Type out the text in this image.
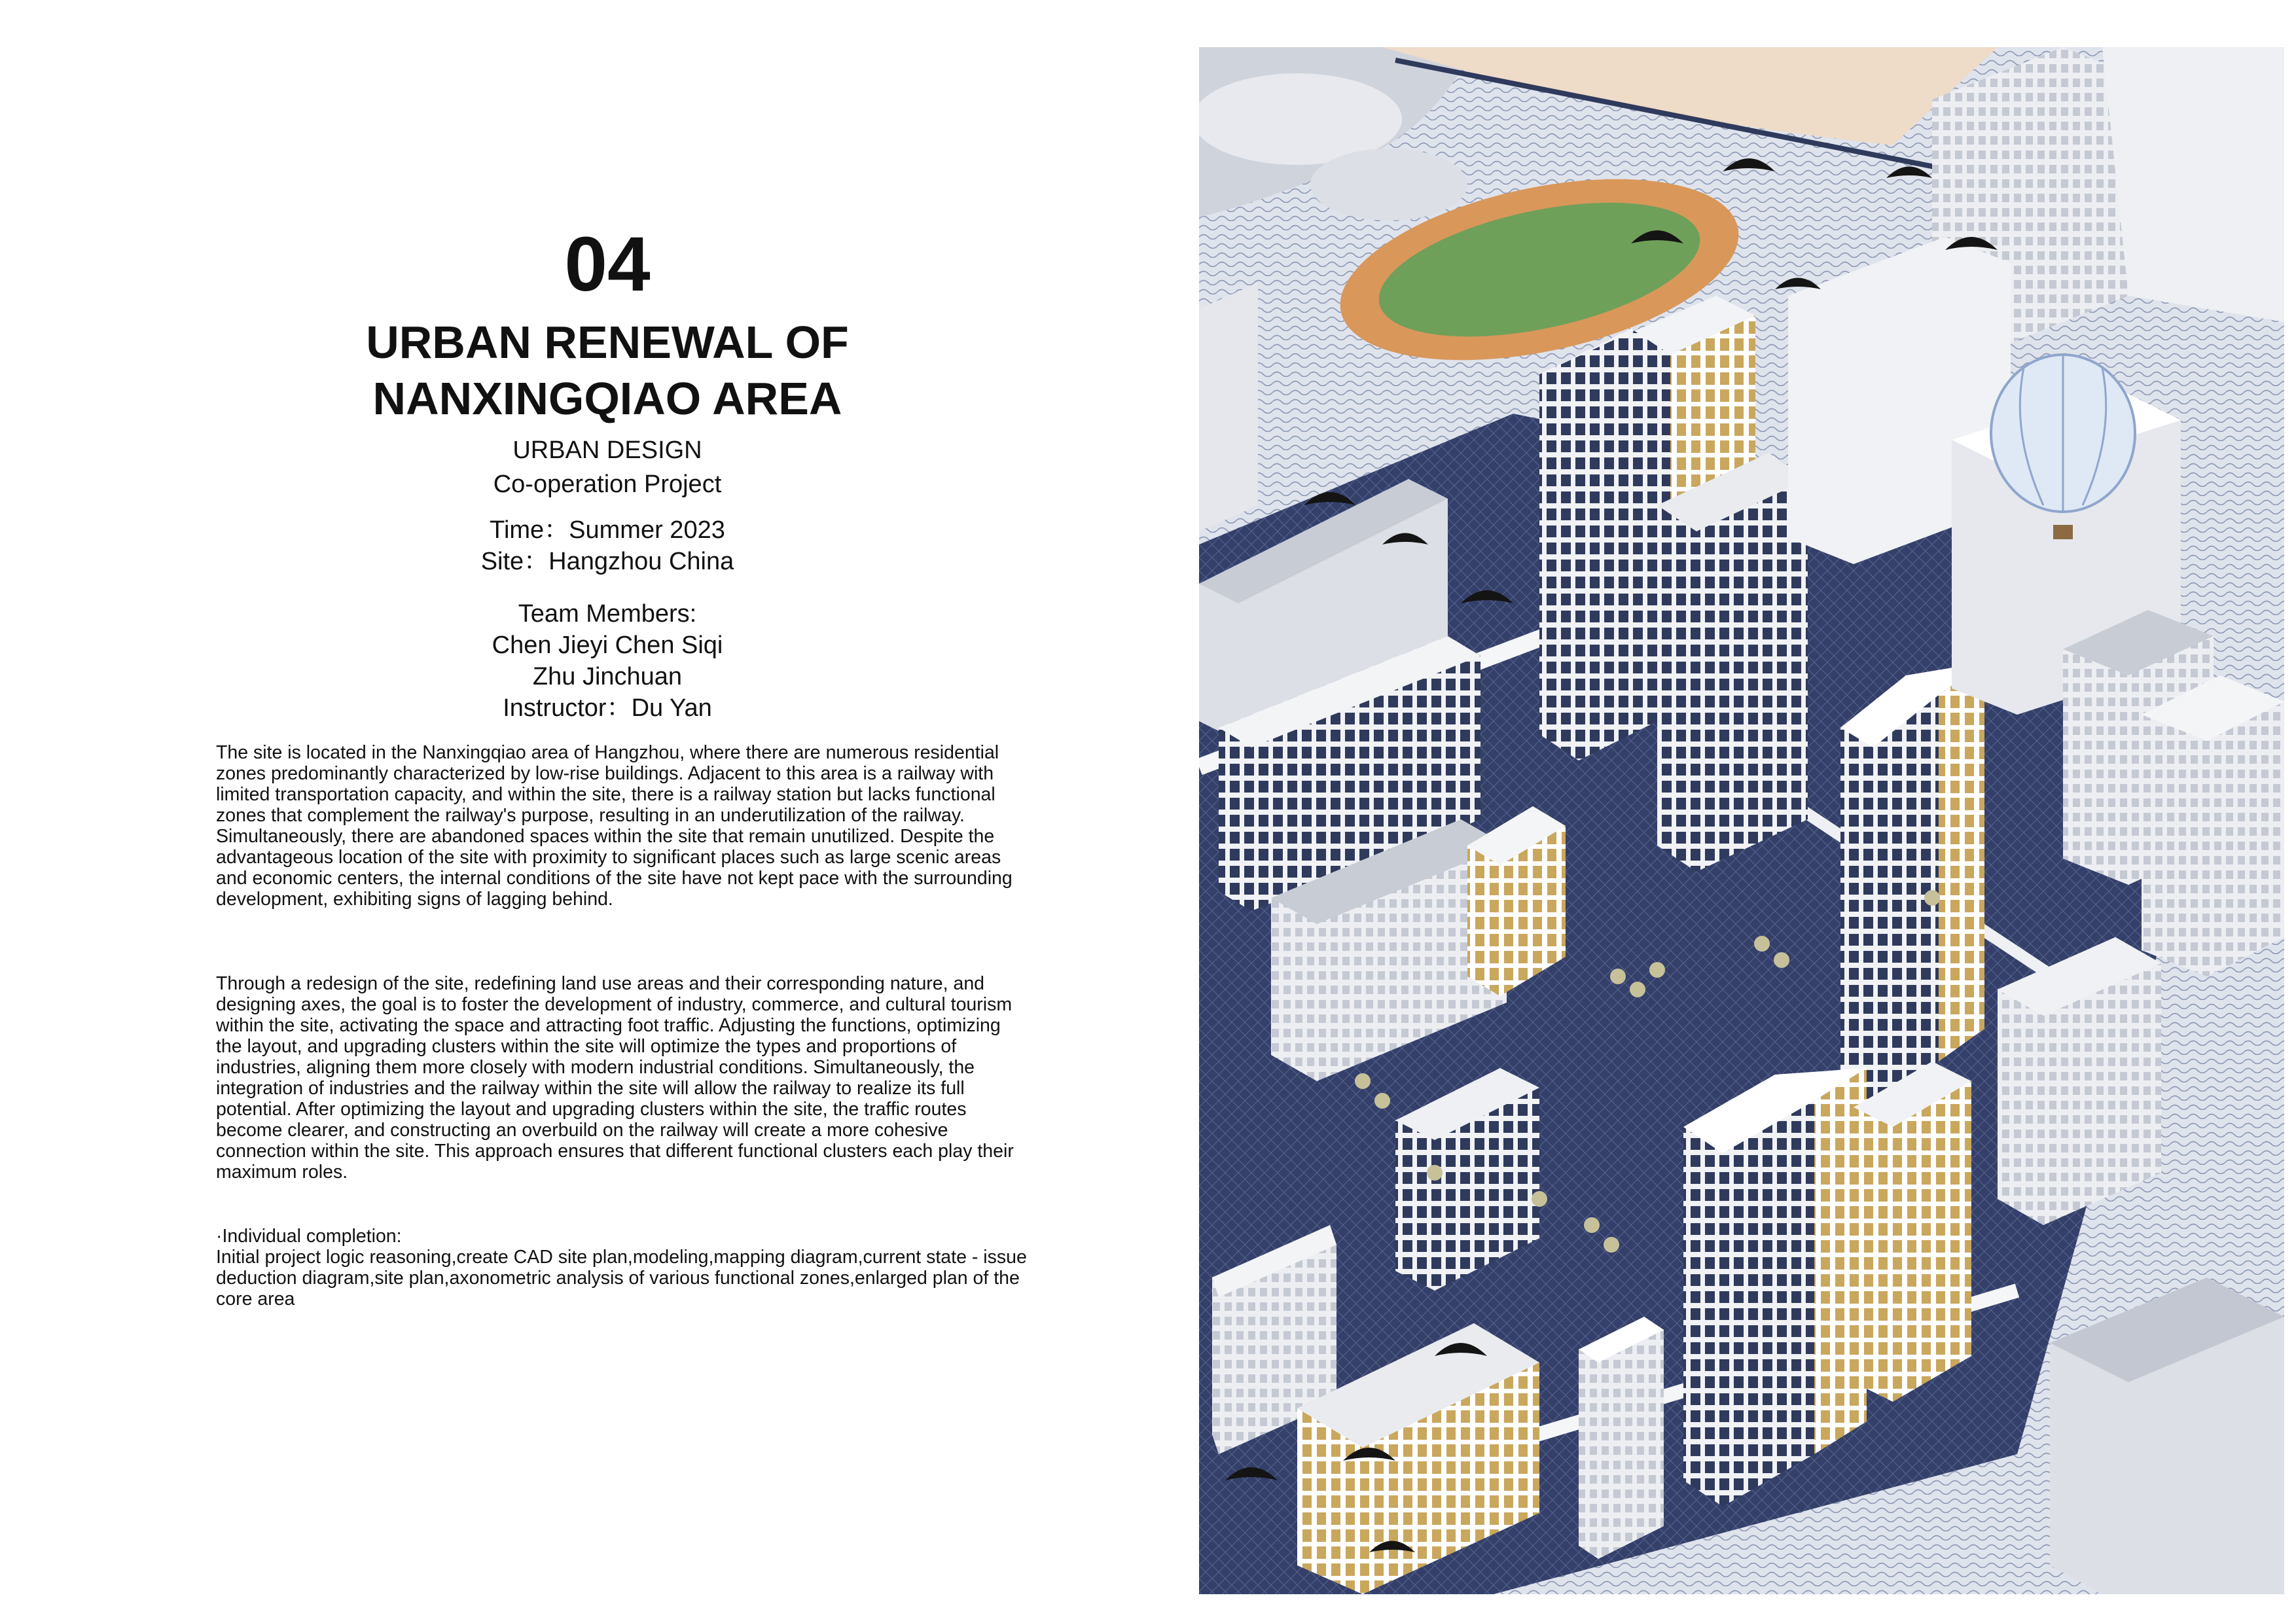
04
URBAN RENEWAL OF
NANXINGQIAO AREA
URBAN DESIGN
Co-operation Project
Time：Summer 2023
Site：Hangzhou China
Team Members:
Chen Jieyi Chen Siqi
Zhu Jinchuan
Instructor：Du Yan

The site is located in the Nanxingqiao area of Hangzhou, where there are numerous residential zones predominantly characterized by low-rise buildings. Adjacent to this area is a railway with limited transportation capacity, and within the site, there is a railway station but lacks functional zones that complement the railway's purpose, resulting in an underutilization of the railway. Simultaneously, there are abandoned spaces within the site that remain unutilized. Despite the advantageous location of the site with proximity to significant places such as large scenic areas and economic centers, the internal conditions of the site have not kept pace with the surrounding development, exhibiting signs of lagging behind.

Through a redesign of the site, redefining land use areas and their corresponding nature, and designing axes, the goal is to foster the development of industry, commerce, and cultural tourism within the site, activating the space and attracting foot traffic. Adjusting the functions, optimizing the layout, and upgrading clusters within the site will optimize the types and proportions of industries, aligning them more closely with modern industrial conditions. Simultaneously, the integration of industries and the railway within the site will allow the railway to realize its full potential. After optimizing the layout and upgrading clusters within the site, the traffic routes become clearer, and constructing an overbuild on the railway will create a more cohesive connection within the site. This approach ensures that different functional clusters each play their maximum roles.

·Individual completion:
Initial project logic reasoning,create CAD site plan,modeling,mapping diagram,current state - issue deduction diagram,site plan,axonometric analysis of various functional zones,enlarged plan of the core area
